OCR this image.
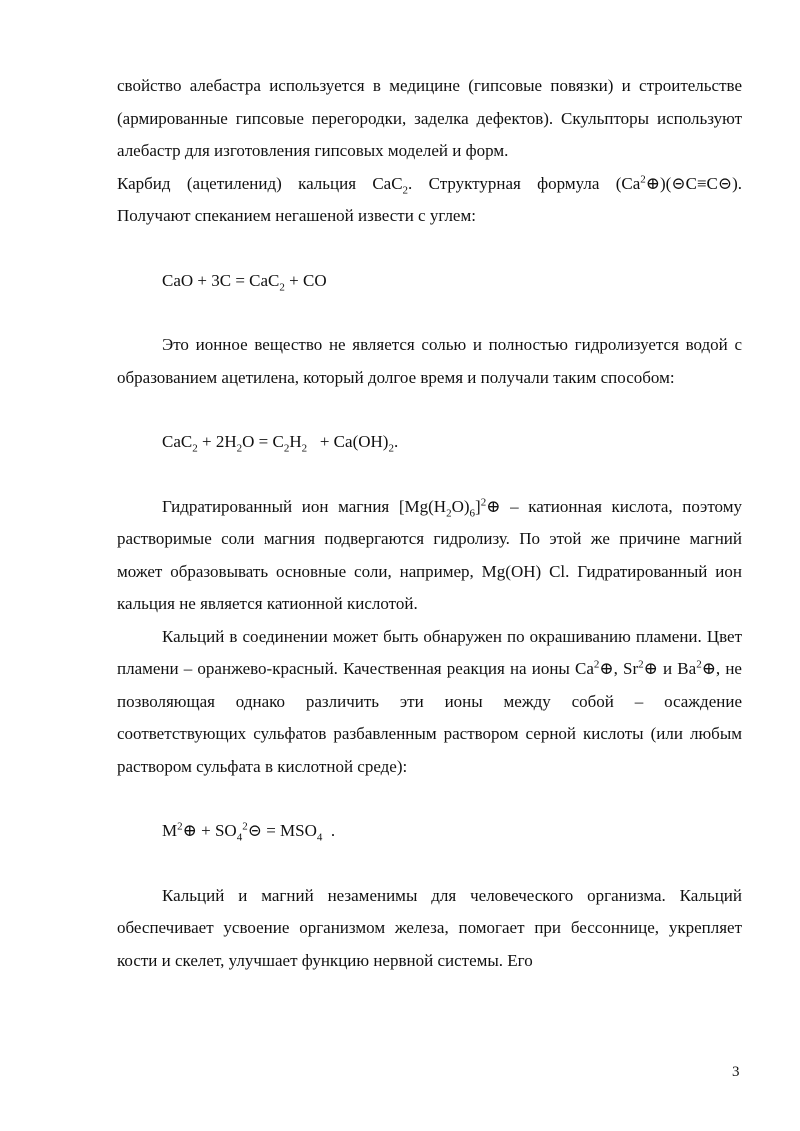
свойство алебастра используется в медицине (гипсовые повязки) и строительстве (армированные гипсовые перегородки, заделка дефектов). Скульпторы используют алебастр для изготовления гипсовых моделей и форм.

Карбид (ацетиленид) кальция CaC$_2$. Структурная формула $(Ca^2\oplus)(⊝C\equiv C⊝)$. Получают спеканием негашеной извести с углем:

CaO + 3C = CaC$_2$ + CO

Это ионное вещество не является солью и полностью гидролизуется водой с образованием ацетилена, который долгое время и получали таким способом:

$CaC_2 + 2H_2O = C_2H_2 + Ca(OH)_2$.

Гидратированный ион магния $[Mg(H_2O)_6]^2\oplus$ – катионная кислота, поэтому растворимые соли магния подвергаются гидролизу. По этой же причине магний может образовывать основные соли, например, Mg(OH) Cl. Гидратированный ион кальция не является катионной кислотой.

Кальций в соединении может быть обнаружен по окрашиванию пламени. Цвет пламени – оранжево-красный. Качественная реакция на ионы Ca$^2$⊕, Sr$^2$⊕ и Ba$^2$⊕, не позволяющая однако различить эти ионы между собой – осаждение соответствующих сульфатов разбавленным раствором серной кислоты (или любым раствором сульфата в кислотной среде):

$M^2\oplus$ + $SO_4^2⊝ = MSO_4$  .

Кальций и магний незаменимы для человеческого организма. Кальций обеспечивает усвоение организмом железа, помогает при бессоннице, укрепляет кости и скелет, улучшает функцию нервной системы. Его

3
